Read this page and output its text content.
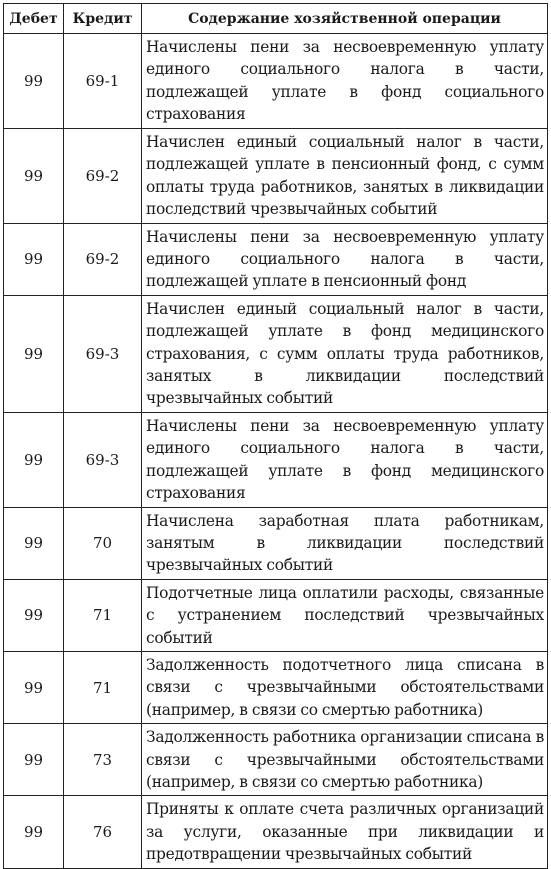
Дебет	Кредит	Содержание хозяйственной операции
99	69-1	Начислены пени за несвоевременную уплату единого социального налога в части, подлежащей уплате в фонд социального страхования
99	69-2	Начислен единый социальный налог в части, подлежащей уплате в пенсионный фонд, с сумм оплаты труда работников, занятых в ликвидации последствий чрезвычайных событий
99	69-2	Начислены пени за несвоевременную уплату единого социального налога в части, подлежащей уплате в пенсионный фонд
99	69-3	Начислен единый социальный налог в части, подлежащей уплате в фонд медицинского страхования, с сумм оплаты труда работников, занятых в ликвидации последствий чрезвычайных событий
99	69-3	Начислены пени за несвоевременную уплату единого социального налога в части, подлежащей уплате в фонд медицинского страхования
99	70	Начислена заработная плата работникам, занятым в ликвидации последствий чрезвычайных событий
99	71	Подотчетные лица оплатили расходы, связанные с устранением последствий чрезвычайных событий
99	71	Задолженность подотчетного лица списана в связи с чрезвычайными обстоятельствами (например, в связи со смертью работника)
99	73	Задолженность работника организации списана в связи с чрезвычайными обстоятельствами (например, в связи со смертью работника)
99	76	Приняты к оплате счета различных организаций за услуги, оказанные при ликвидации и предотвращении чрезвычайных событий
